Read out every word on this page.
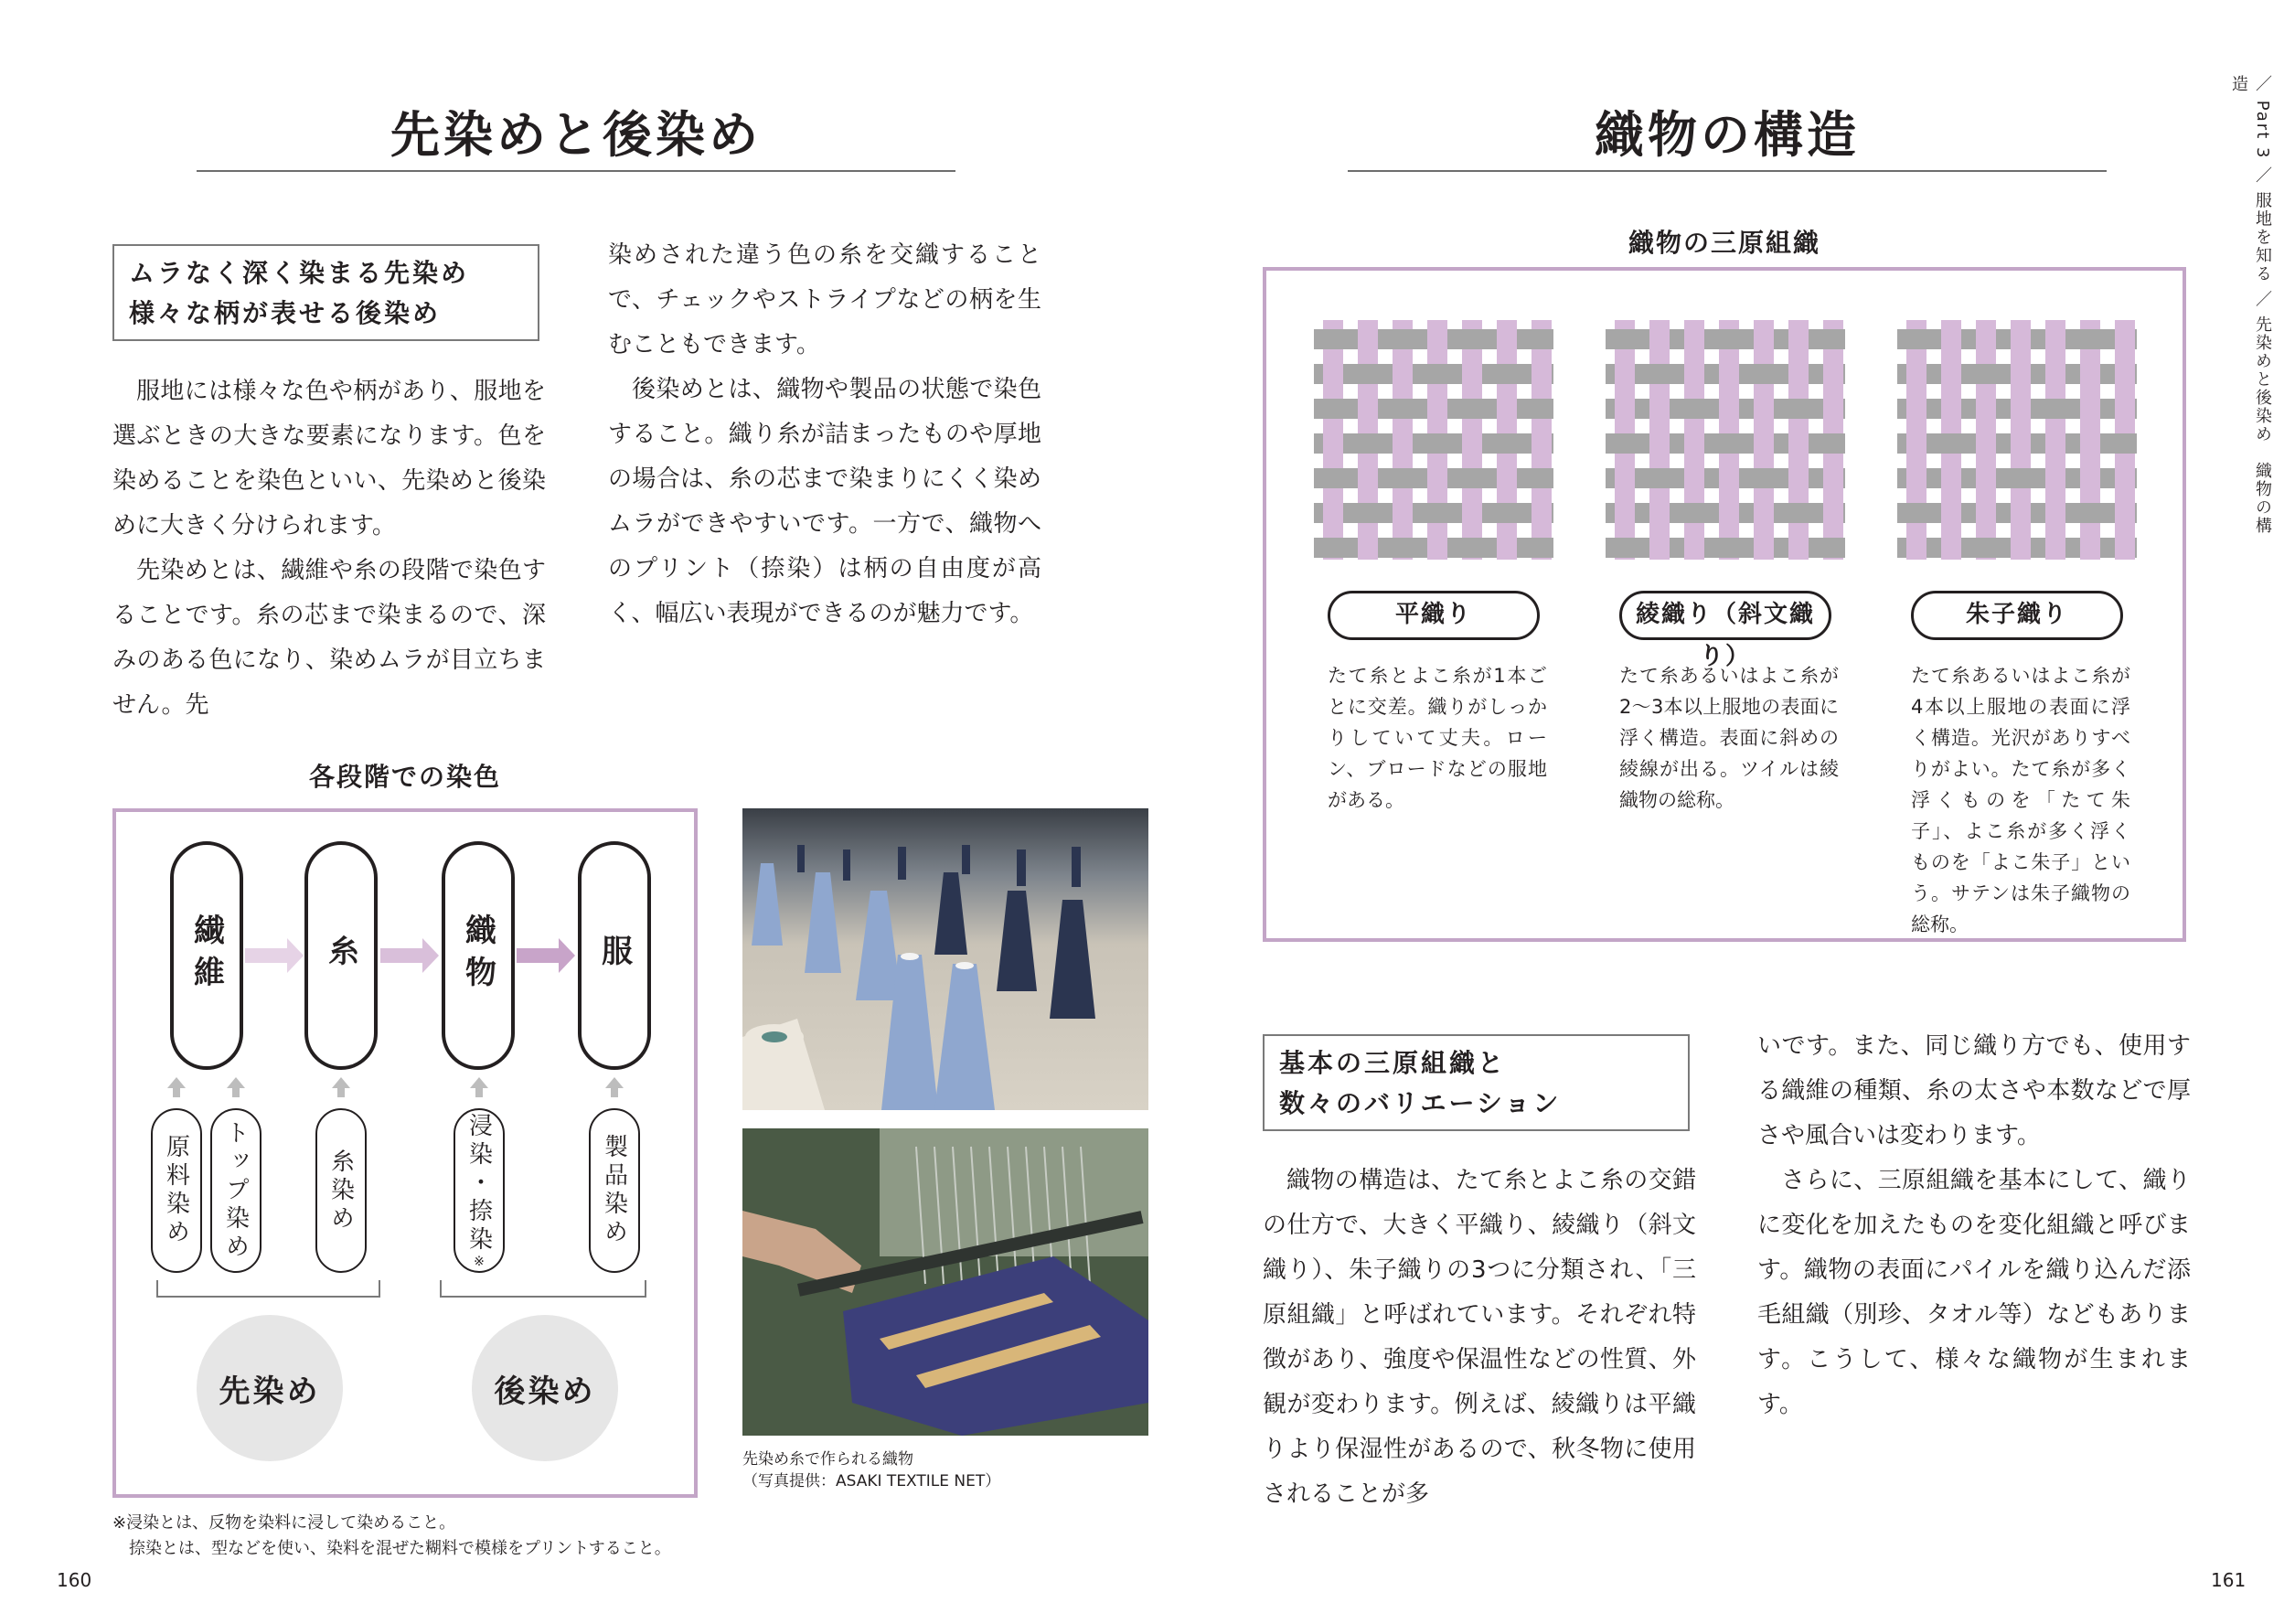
先染めと後染め
ムラなく深く染まる先染め
様々な柄が表せる後染め

服地には様々な色や柄があり、服地を選ぶときの大きな要素になります。色を染めることを染色といい、先染めと後染めに大きく分けられます。

先染めとは、繊維や糸の段階で染色することです。糸の芯まで染まるので、深みのある色になり、染めムラが目立ちません。先

染めされた違う色の糸を交織することで、チェックやストライプなどの柄を生むこともできます。

後染めとは、織物や製品の状態で染色すること。織り糸が詰まったものや厚地の場合は、糸の芯まで染まりにくく染めムラができやすいです。一方で、織物へのプリント（捺染）は柄の自由度が高く、幅広い表現ができるのが魅力です。

各段階での染色
繊維	糸	織物	服
原料染め トップ染め	糸染め	浸染・捺染
※
製品染め
先染め	後染め
先染め糸で作られる織物
（写真提供：ASAKI TEXTILE NET）
※浸染とは、反物を染料に浸して染めること。
捺染とは、型などを使い、染料を混ぜた糊料で模様をプリントすること。
160
織物の構造
織物の三原組織
平織り	綾織り（斜文織り）
朱子織り
たて糸とよこ糸が1本ごとに交差。織りがしっかりしていて丈夫。ローン、ブロードなどの服地がある。
たて糸あるいはよこ糸が2～3本以上服地の表面に浮く構造。表面に斜めの綾線が出る。ツイルは綾織物の総称。
たて糸あるいはよこ糸が4本以上服地の表面に浮く構造。光沢がありすべりがよい。たて糸が多く浮くものを「たて朱子」、よこ糸が多く浮くものを「よこ朱子」という。サテンは朱子織物の総称。
基本の三原組織と
数々のバリエーション

織物の構造は、たて糸とよこ糸の交錯の仕方で、大きく平織り、綾織り（斜文織り）、朱子織りの3つに分類され、「三原組織」と呼ばれています。それぞれ特徴があり、強度や保温性などの性質、外観が変わります。例えば、綾織りは平織りより保湿性があるので、秋冬物に使用されることが多

いです。また、同じ織り方でも、使用する織維の種類、糸の太さや本数などで厚さや風合いは変わります。

さらに、三原組織を基本にして、織りに変化を加えたものを変化組織と呼びます。織物の表面にパイルを織り込んだ添毛組織（別珍、タオル等）などもあります。こうして、様々な織物が生まれます。

／ Part 3 ／ 服地を知る ／ 先染めと後染め　織物の構造
161
